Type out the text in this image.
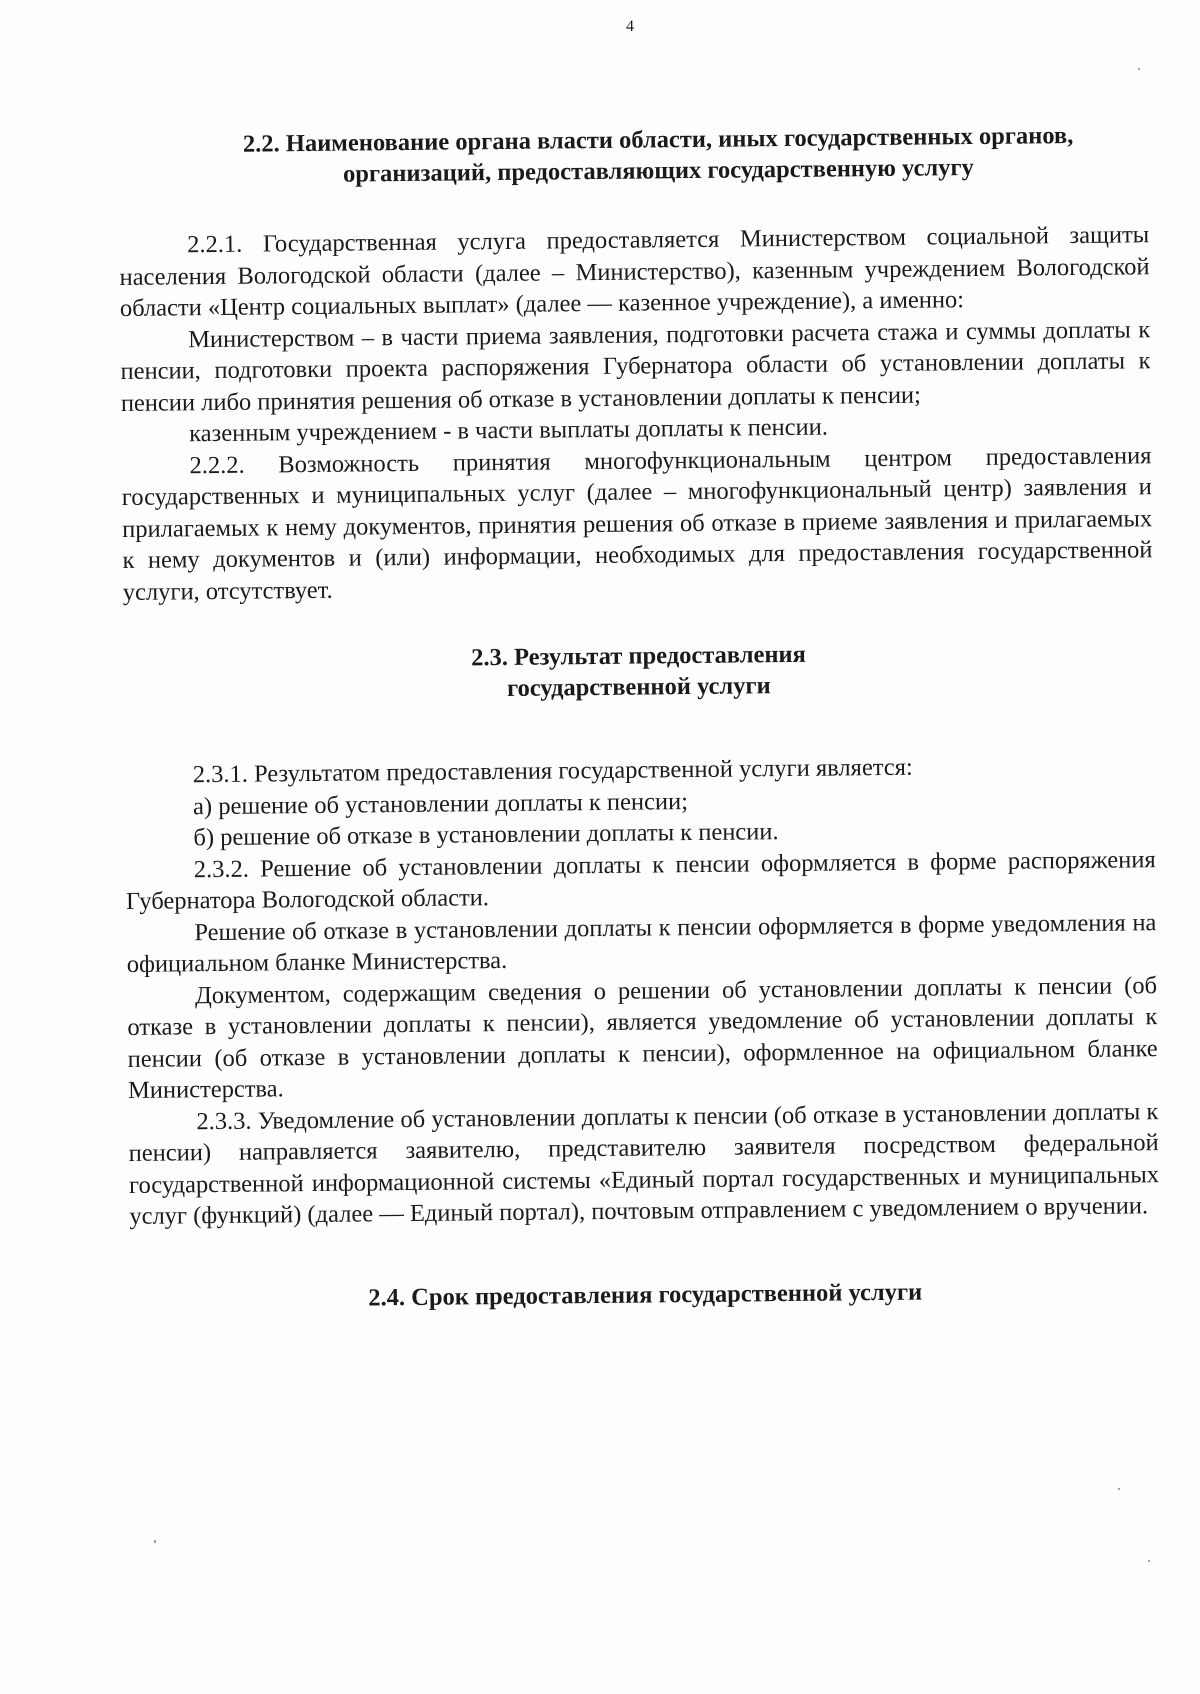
4
2.2. Наименование органа власти области, иных государственных органов, организаций, предоставляющих государственную услугу

2.2.1. Государственная услуга предоставляется Министерством социальной защиты населения Вологодской области (далее – Министерство), казенным учреждением Вологодской области «Центр социальных выплат» (далее — казенное учреждение), а именно:

Министерством – в части приема заявления, подготовки расчета стажа и суммы доплаты к пенсии, подготовки проекта распоряжения Губернатора области об установлении доплаты к пенсии либо принятия решения об отказе в установлении доплаты к пенсии;

казенным учреждением - в части выплаты доплаты к пенсии.

2.2.2. Возможность принятия многофункциональным центром предоставления государственных и муниципальных услуг (далее – многофункциональный центр) заявления и прилагаемых к нему документов, принятия решения об отказе в приеме заявления и прилагаемых к нему документов и (или) информации, необходимых для предоставления государственной услуги, отсутствует.

2.3. Результат предоставления
государственной услуги

2.3.1. Результатом предоставления государственной услуги является:

а) решение об установлении доплаты к пенсии;

б) решение об отказе в установлении доплаты к пенсии.

2.3.2. Решение об установлении доплаты к пенсии оформляется в форме распоряжения Губернатора Вологодской области.

Решение об отказе в установлении доплаты к пенсии оформляется в форме уведомления на официальном бланке Министерства.

Документом, содержащим сведения о решении об установлении доплаты к пенсии (об отказе в установлении доплаты к пенсии), является уведомление об установлении доплаты к пенсии (об отказе в установлении доплаты к пенсии), оформленное на официальном бланке Министерства.

2.3.3. Уведомление об установлении доплаты к пенсии (об отказе в установлении доплаты к пенсии) направляется заявителю, представителю заявителя посредством федеральной государственной информационной системы «Единый портал государственных и муниципальных услуг (функций) (далее — Единый портал), почтовым отправлением с уведомлением о вручении.

2.4. Срок предоставления государственной услуги
